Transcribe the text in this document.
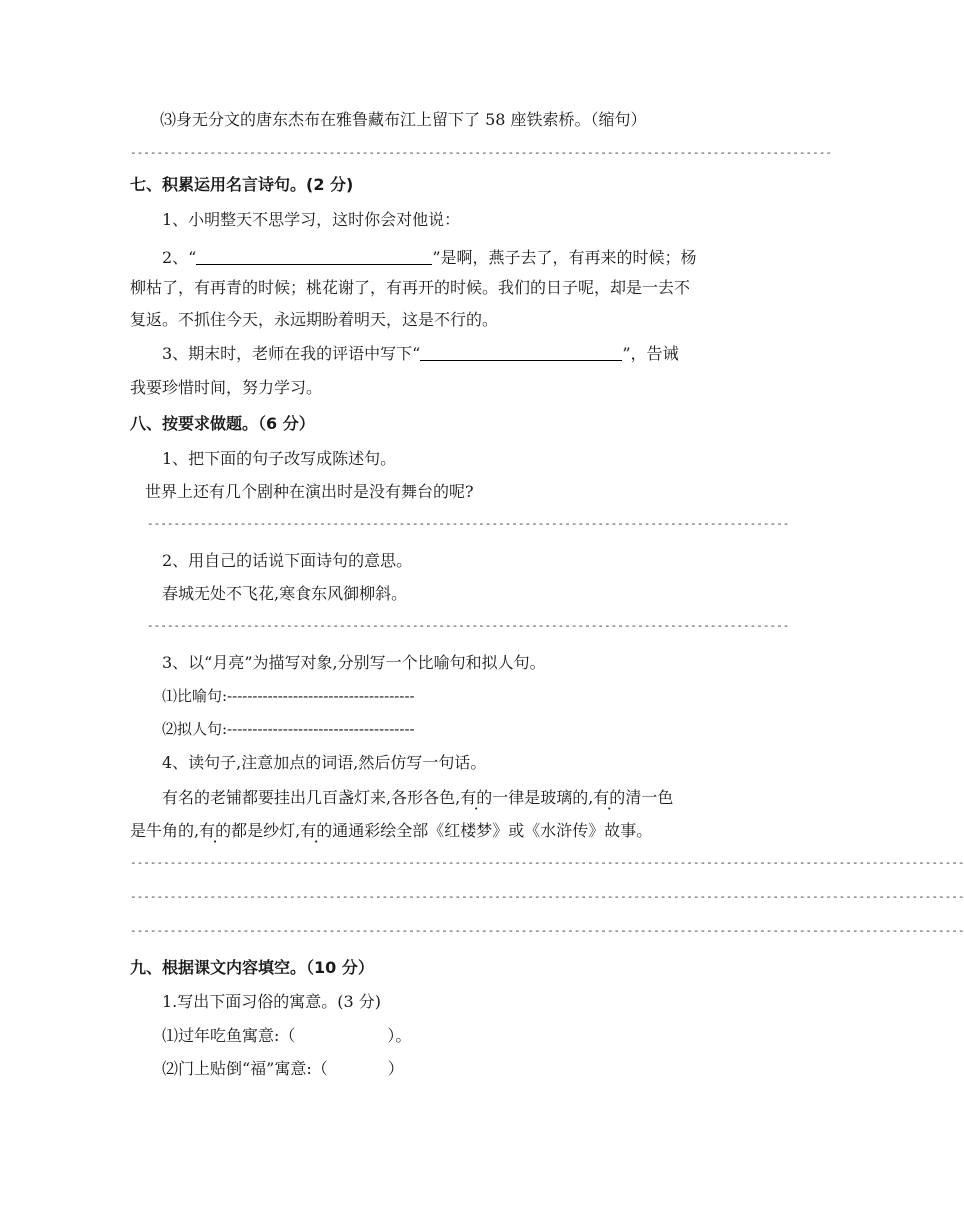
⑶身无分文的唐东杰布在雅鲁藏布江上留下了 58 座铁索桥。（缩句）
----------------------------------------------------------------------------------------------------------
七、积累运用名言诗句。(2 分)
1、小明整天不思学习，这时你会对他说：
2、“	”是啊，燕子去了，有再来的时候；杨
柳枯了，有再青的时候；桃花谢了，有再开的时候。我们的日子呢，却是一去不
复返。不抓住今天，永远期盼着明天，这是不行的。
3、期末时，老师在我的评语中写下“	”，告诫
我要珍惜时间，努力学习。
八、按要求做题。（6 分）
1、把下面的句子改写成陈述句。
世界上还有几个剧种在演出时是没有舞台的呢?
-------------------------------------------------------------------------------------------------
2、用自己的话说下面诗句的意思。
春城无处不飞花,寒食东风御柳斜。
-------------------------------------------------------------------------------------------------
3、以“月亮”为描写对象,分别写一个比喻句和拟人句。
⑴比喻句:-------------------------------------
⑵拟人句:-------------------------------------
4、读句子,注意加点的词语,然后仿写一句话。
有名的老铺都要挂出几百盏灯来,各形各色,有的一律是玻璃的,有的清一色
是牛角的,有的都是纱灯,有的通通彩绘全部《红楼梦》或《水浒传》故事。
------------------------------------------------------------------------------------------------------------------------------
------------------------------------------------------------------------------------------------------------------------------
------------------------------------------------------------------------------------------------------------------------------
九、根据课文内容填空。（10 分）
1.写出下面习俗的寓意。(3 分)
⑴过年吃鱼寓意:（	）。
⑵门上贴倒“福”寓意:（	）
